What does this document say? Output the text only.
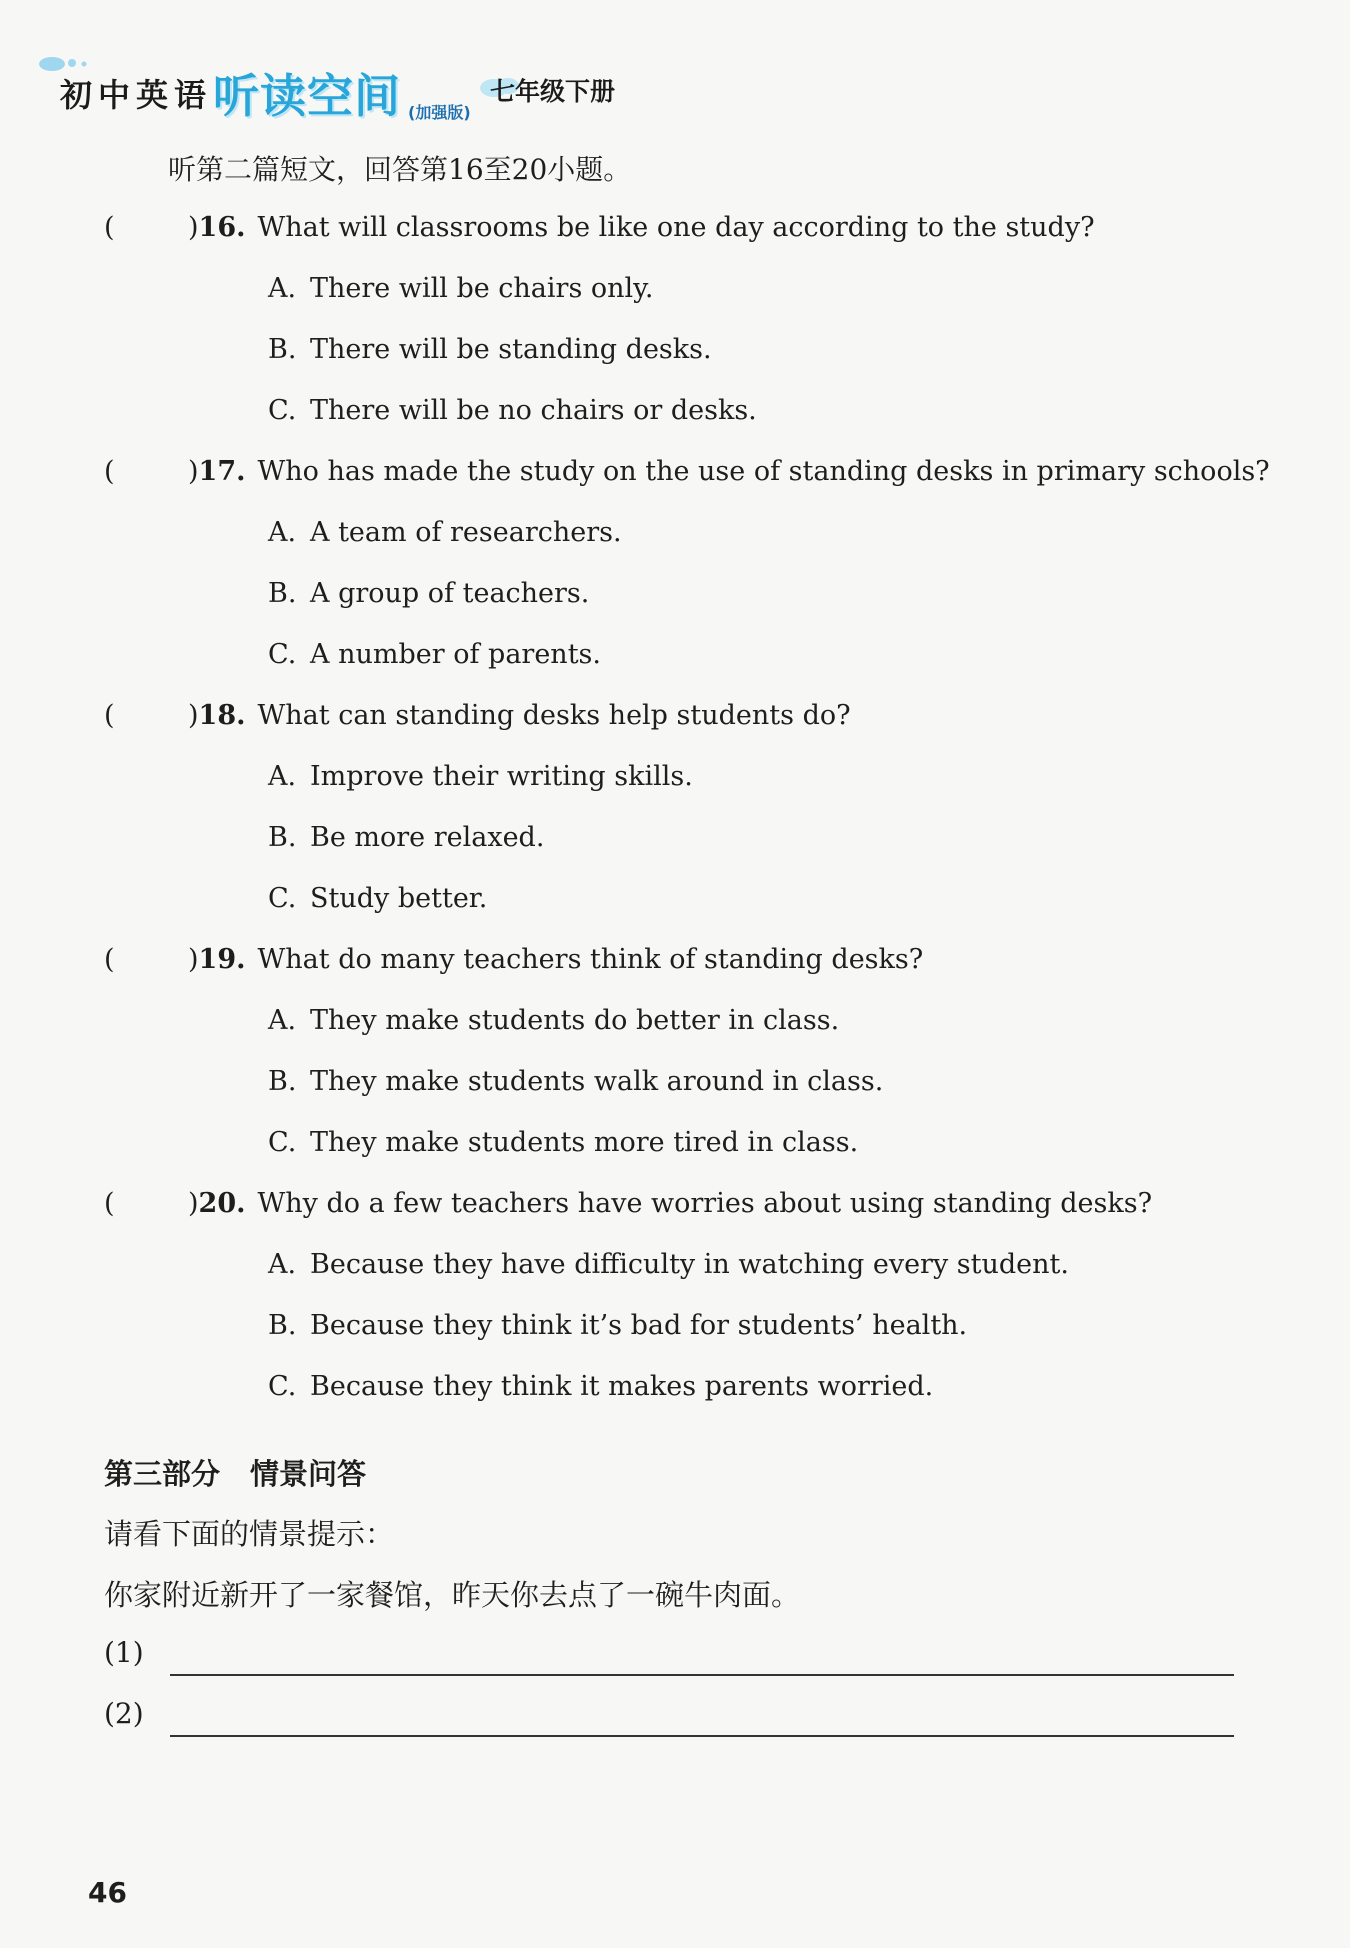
初中英语 听读空间 (加强版)
七年级下册
听第二篇短文，回答第16至20小题。
(	)16. What will classrooms be like one day according to the study?
A. There will be chairs only.
B. There will be standing desks.
C. There will be no chairs or desks.
(	)17. Who has made the study on the use of standing desks in primary schools?
A. A team of researchers.
B. A group of teachers.
C. A number of parents.
(	)18. What can standing desks help students do?
A. Improve their writing skills.
B. Be more relaxed.
C. Study better.
(	)19. What do many teachers think of standing desks?
A. They make students do better in class.
B. They make students walk around in class.
C. They make students more tired in class.
(	)20. Why do a few teachers have worries about using standing desks?
A. Because they have difficulty in watching every student.
B. Because they think it’s bad for students’ health.
C. Because they think it makes parents worried.
第三部分 情景问答
请看下面的情景提示：
你家附近新开了一家餐馆，昨天你去点了一碗牛肉面。
(1)
(2)
46
